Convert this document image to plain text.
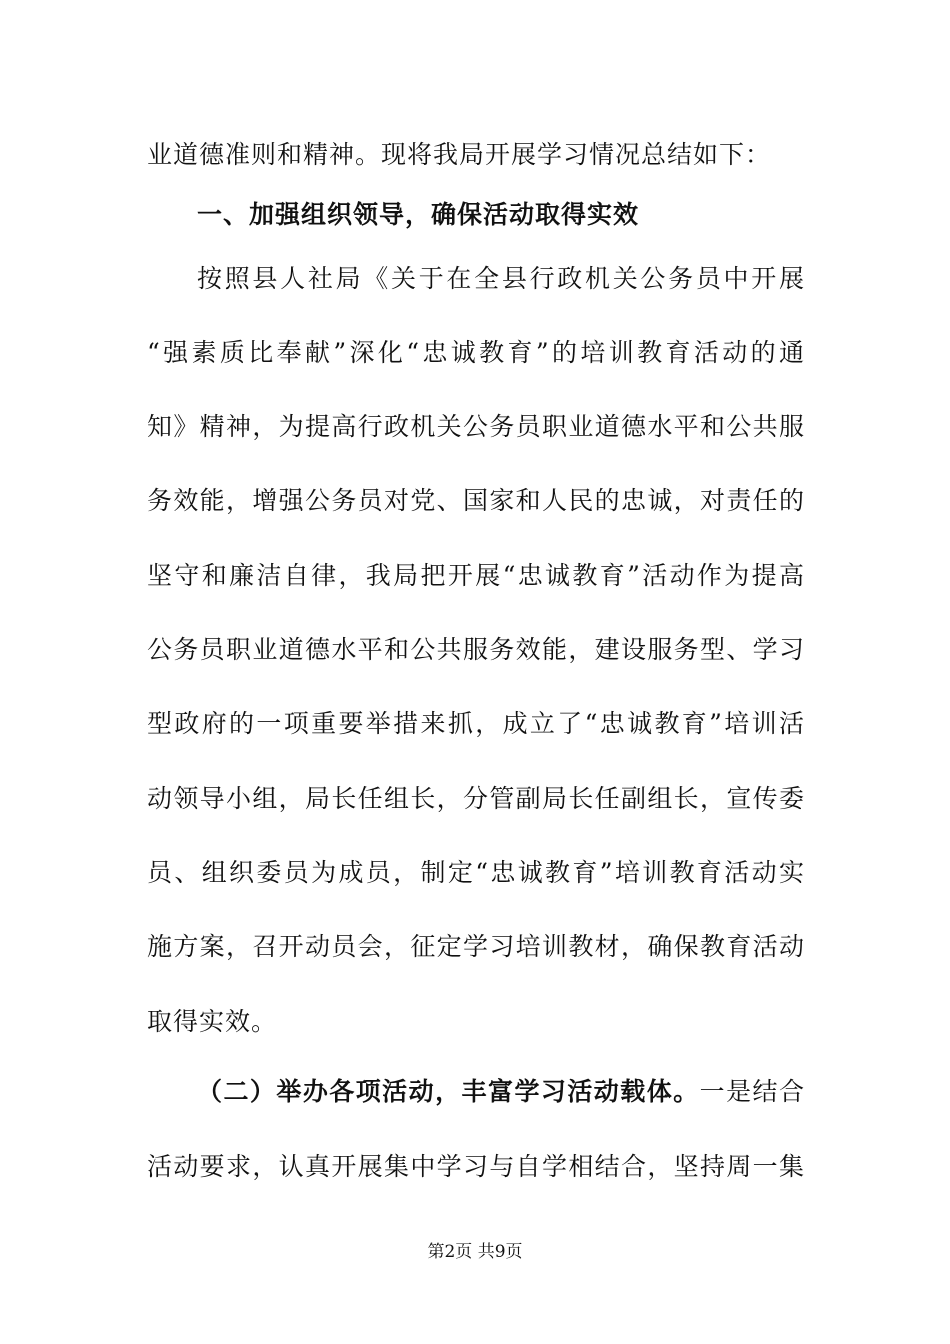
业道德准则和精神。现将我局开展学习情况总结如下：
一、加强组织领导，确保活动取得实效
按照县人社局《关于在全县行政机关公务员中开展
“强素质比奉献”深化“忠诚教育”的培训教育活动的通
知》精神，为提高行政机关公务员职业道德水平和公共服
务效能，增强公务员对党、国家和人民的忠诚，对责任的
坚守和廉洁自律，我局把开展“忠诚教育”活动作为提高
公务员职业道德水平和公共服务效能，建设服务型、学习
型政府的一项重要举措来抓，成立了“忠诚教育”培训活
动领导小组，局长任组长，分管副局长任副组长，宣传委
员、组织委员为成员，制定“忠诚教育”培训教育活动实
施方案，召开动员会，征定学习培训教材，确保教育活动
取得实效。
（二）举办各项活动，丰富学习活动载体。一是结合
活动要求，认真开展集中学习与自学相结合，坚持周一集
第2页 共9页
